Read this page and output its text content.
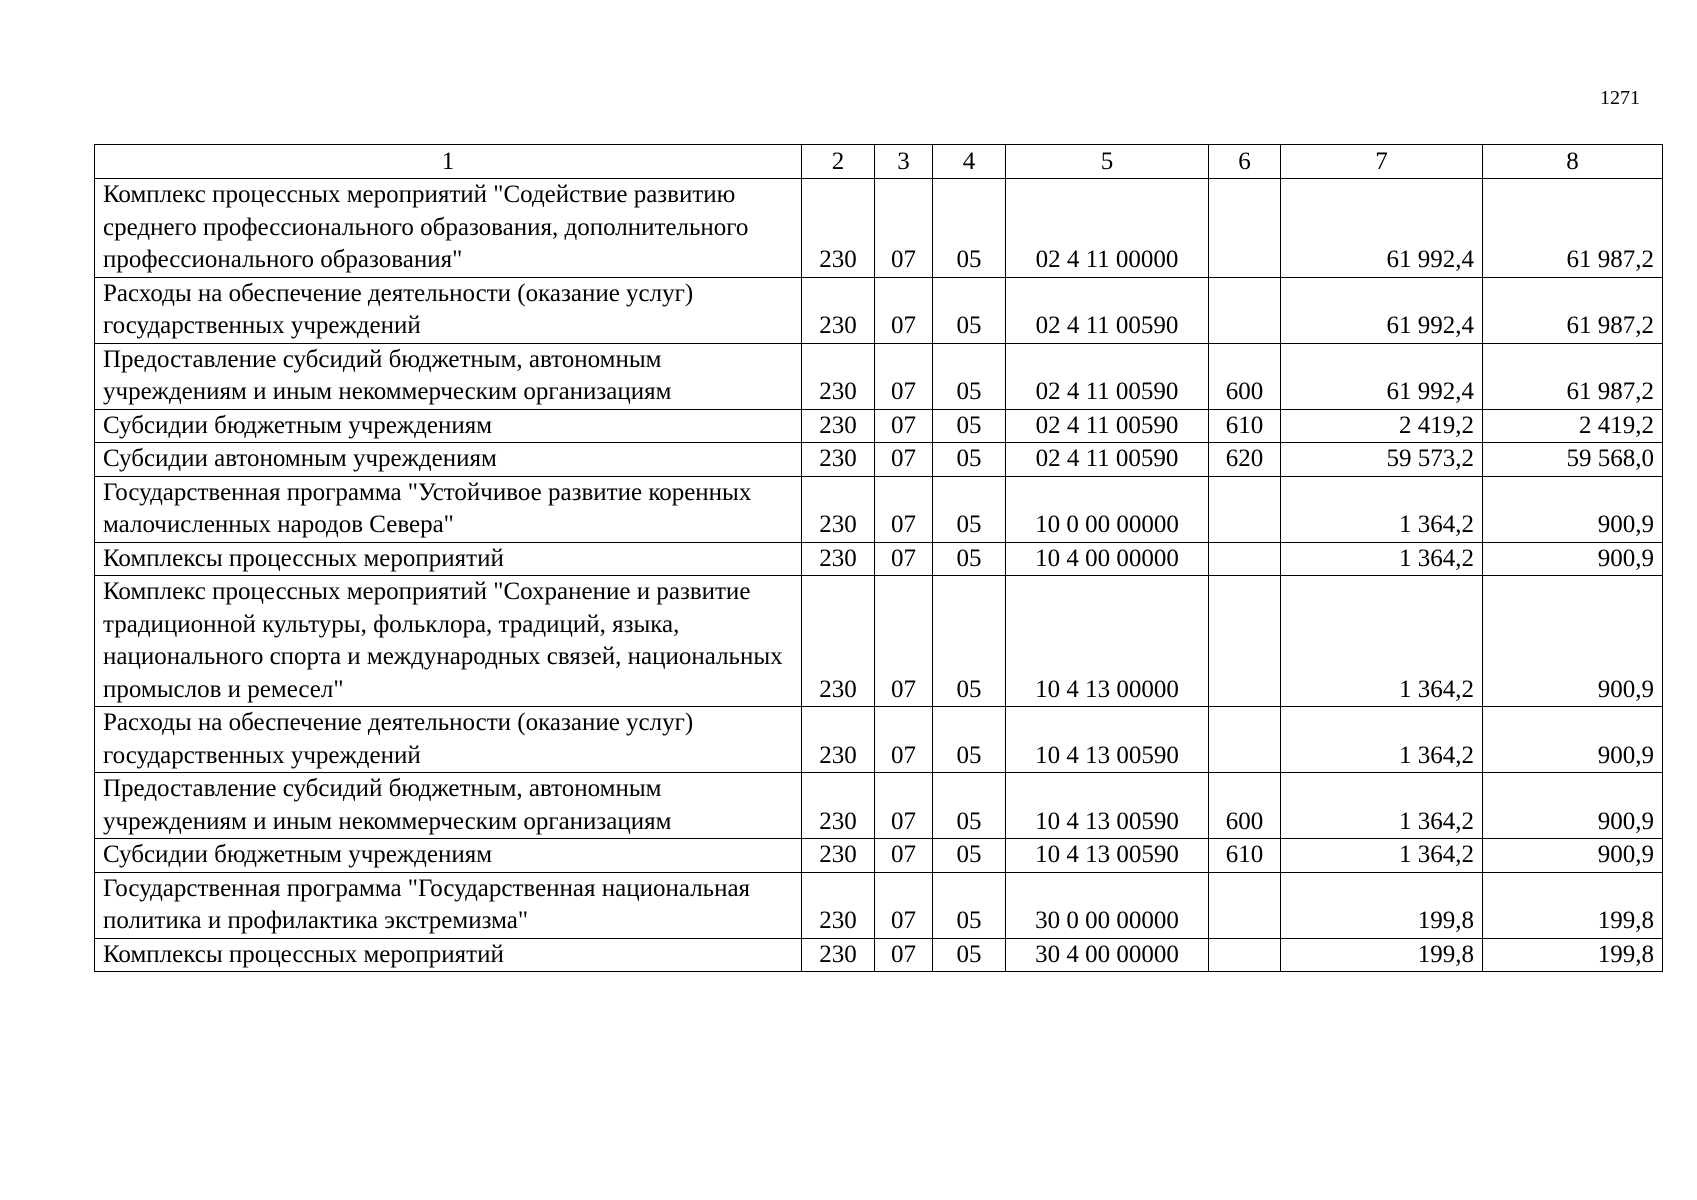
1271
1	2	3	4	5	6	7	8
Комплекс процессных мероприятий "Содействие развитию среднего профессионального образования, дополнительного профессионального образования"	230	07	05	02 4 11 00000		61 992,4	61 987,2
Расходы на обеспечение деятельности (оказание услуг) государственных учреждений	230	07	05	02 4 11 00590		61 992,4	61 987,2
Предоставление субсидий бюджетным, автономным учреждениям и иным некоммерческим организациям	230	07	05	02 4 11 00590	600	61 992,4	61 987,2
Субсидии бюджетным учреждениям	230	07	05	02 4 11 00590	610	2 419,2	2 419,2
Субсидии автономным учреждениям	230	07	05	02 4 11 00590	620	59 573,2	59 568,0
Государственная программа "Устойчивое развитие коренных малочисленных народов Севера"	230	07	05	10 0 00 00000		1 364,2	900,9
Комплексы процессных мероприятий	230	07	05	10 4 00 00000		1 364,2	900,9
Комплекс процессных мероприятий "Сохранение и развитие традиционной культуры, фольклора, традиций, языка, национального спорта и международных связей, национальных промыслов и ремесел"	230	07	05	10 4 13 00000		1 364,2	900,9
Расходы на обеспечение деятельности (оказание услуг) государственных учреждений	230	07	05	10 4 13 00590		1 364,2	900,9
Предоставление субсидий бюджетным, автономным учреждениям и иным некоммерческим организациям	230	07	05	10 4 13 00590	600	1 364,2	900,9
Субсидии бюджетным учреждениям	230	07	05	10 4 13 00590	610	1 364,2	900,9
Государственная программа "Государственная национальная политика и профилактика экстремизма"	230	07	05	30 0 00 00000		199,8	199,8
Комплексы процессных мероприятий	230	07	05	30 4 00 00000		199,8	199,8
